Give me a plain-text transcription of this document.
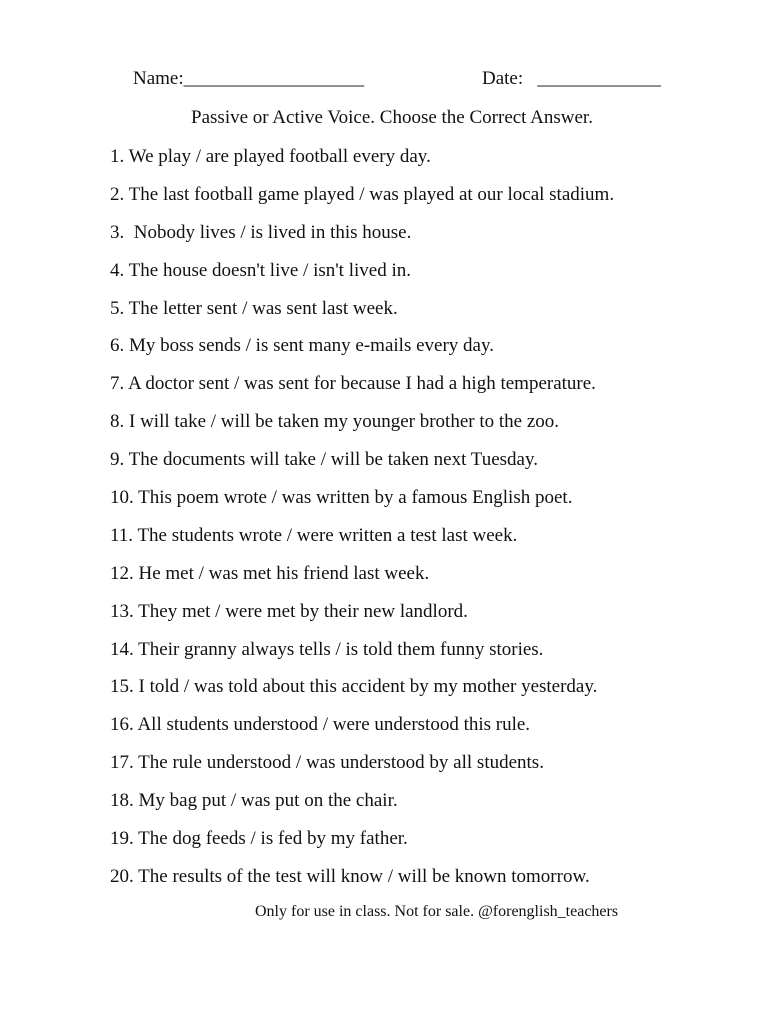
Name:___________________	Date:   _____________
Passive or Active Voice. Choose the Correct Answer.
1. We play / are played football every day.
2. The last football game played / was played at our local stadium.
3.  Nobody lives / is lived in this house.
4. The house doesn't live / isn't lived in.
5. The letter sent / was sent last week.
6. My boss sends / is sent many e-mails every day.
7. A doctor sent / was sent for because I had a high temperature.
8. I will take / will be taken my younger brother to the zoo.
9. The documents will take / will be taken next Tuesday.
10. This poem wrote / was written by a famous English poet.
11. The students wrote / were written a test last week.
12. He met / was met his friend last week.
13. They met / were met by their new landlord.
14. Their granny always tells / is told them funny stories.
15. I told / was told about this accident by my mother yesterday.
16. All students understood / were understood this rule.
17. The rule understood / was understood by all students.
18. My bag put / was put on the chair.
19. The dog feeds / is fed by my father.
20. The results of the test will know / will be known tomorrow.
Only for use in class. Not for sale. @forenglish_teachers
